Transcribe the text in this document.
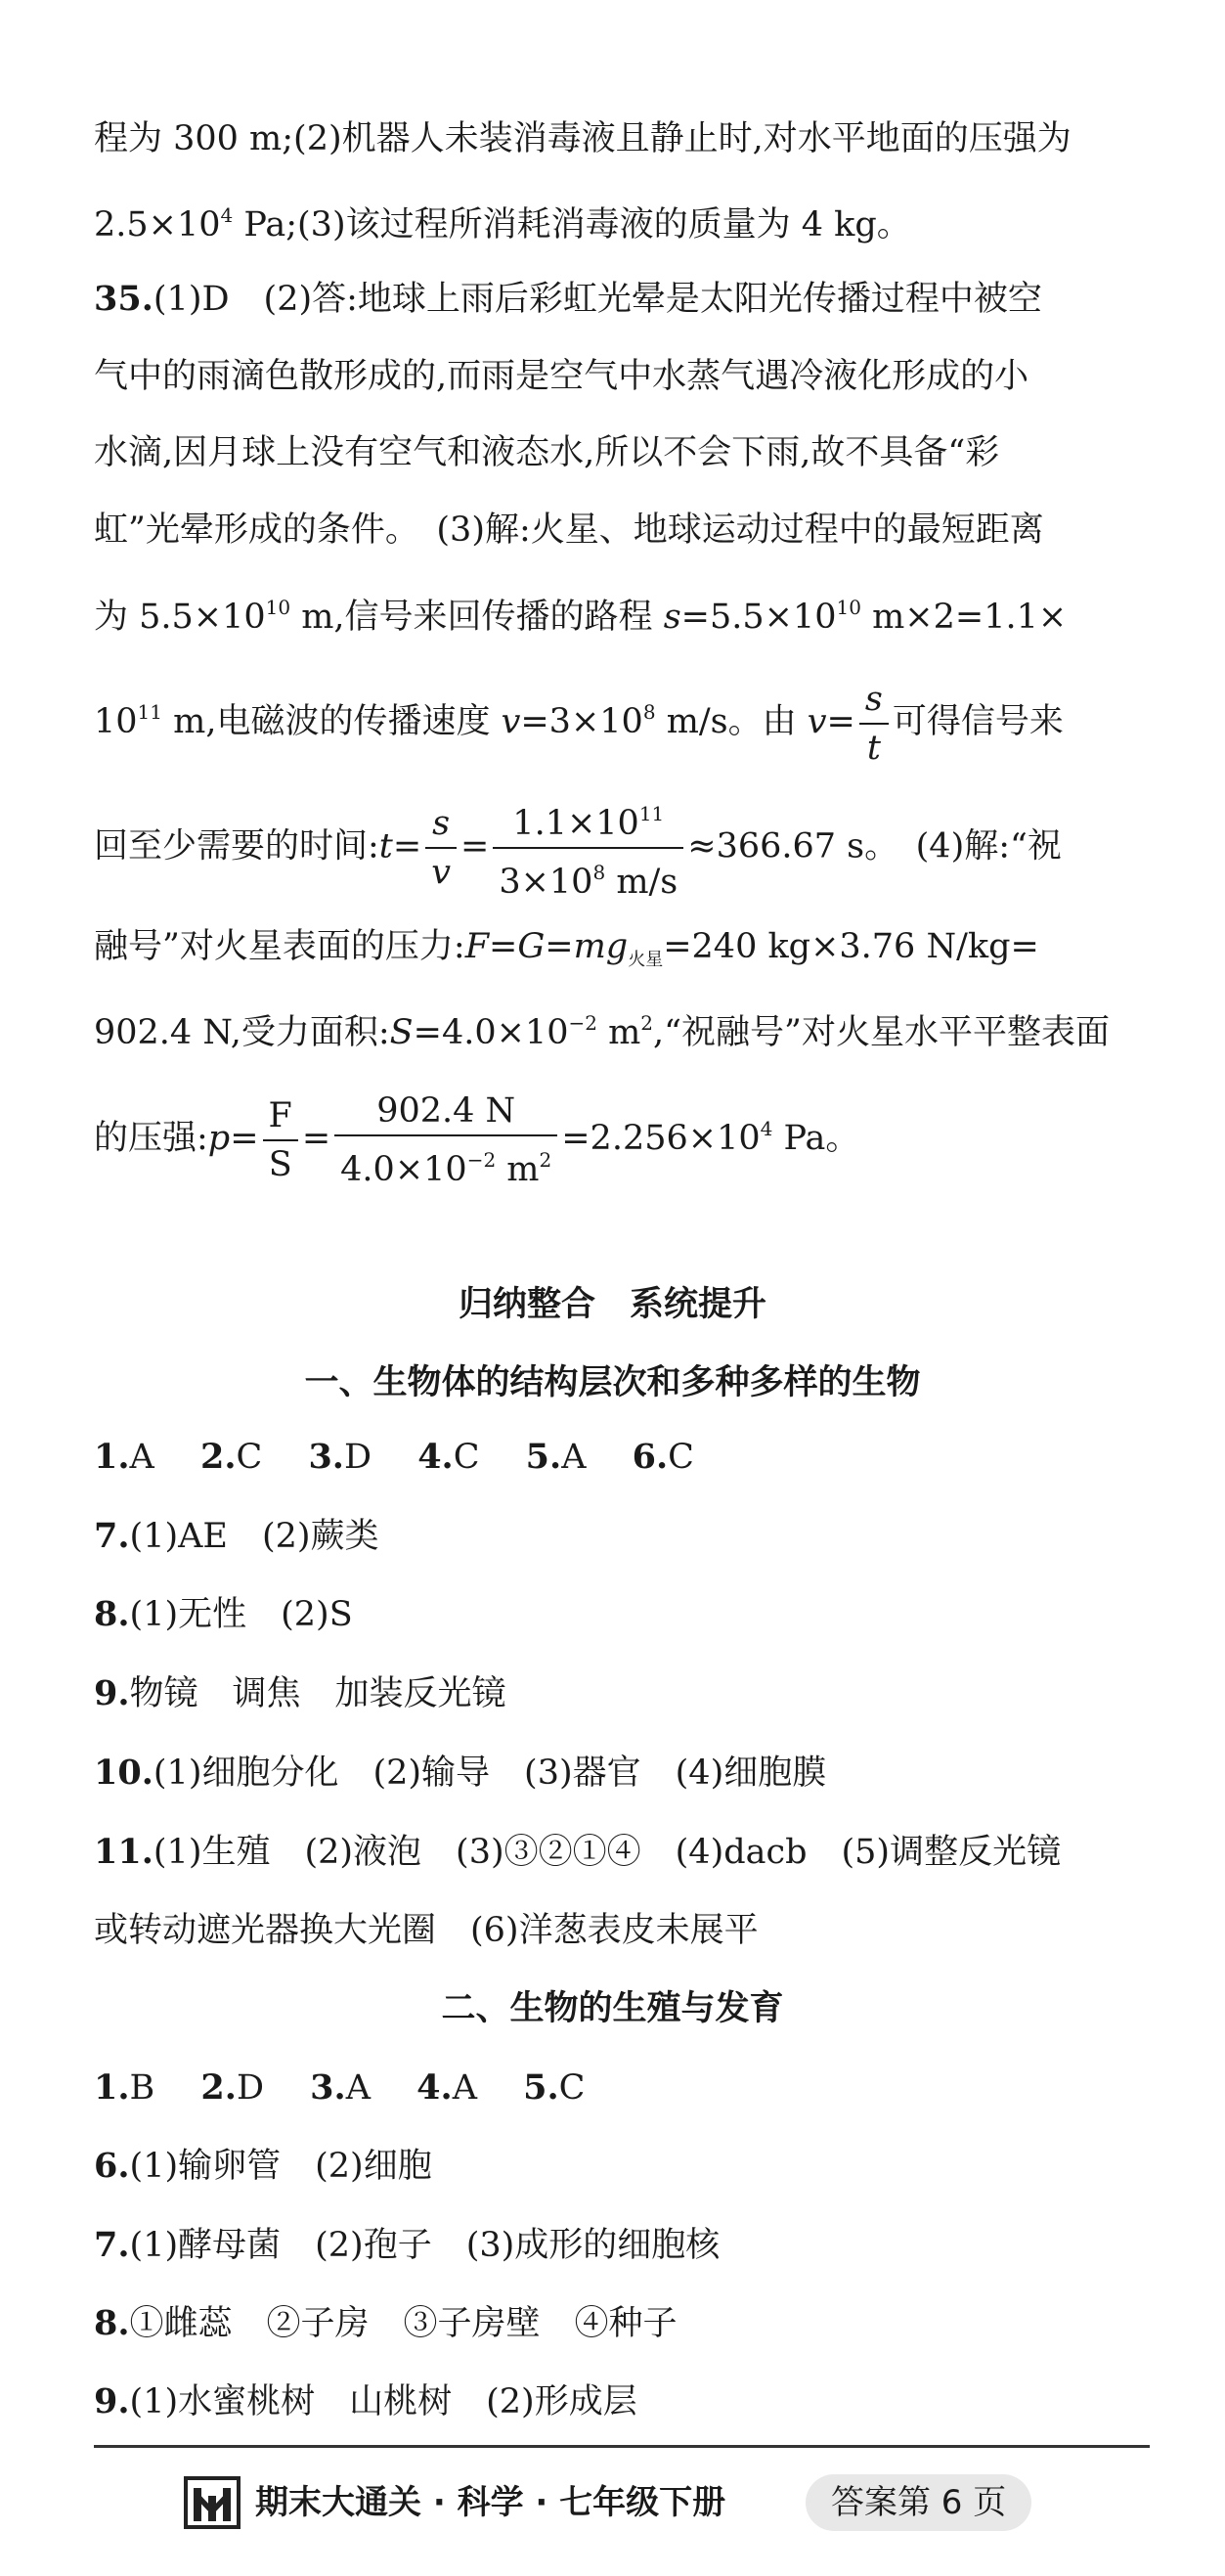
程为 300 m;(2)机器人未装消毒液且静止时,对水平地面的压强为
$2.5\times 10^4$ Pa;(3)该过程所消耗消毒液的质量为 4 kg。
35.(1)D　(2)答:地球上雨后彩虹光晕是太阳光传播过程中被空
气中的雨滴色散形成的,而雨是空气中水蒸气遇冷液化形成的小
水滴,因月球上没有空气和液态水,所以不会下雨,故不具备“彩
虹”光晕形成的条件。　(3)解:火星、地球运动过程中的最短距离
为 $5.5\times 10^{10}$ m,信号来回传播的路程 $s=5.5\times 10^{10}$ m×2=1.1×
$10^{11}$ m,电磁波的传播速度 $v=3\times 10^8$ m/s。由 $v= \frac{s}{t}$ 可得信号来
回至少需要的时间:t= $\frac{s}{v} = \frac{1.1\times 10^{11}}{3\times 10^8 m/s} \approx 366.67$ s。　(4)解:“祝
融号”对火星表面的压力$:F=G=mg_{火星}=240$ kg×3.76 N/kg=
902.4 N,受力面积$:S=4.0\times 10^{-2}$ $m^2,“$祝融号”对火星水平平整表面
的压强:p= $\frac{F}{S} = \frac{902.4 N}{4.0\times 10^{-2} m^2} =2.256\times 10^4$ Pa。
归纳整合　系统提升
一、生物体的结构层次和多种多样的生物
1.A 2.C 3.D 4.C 5.A 6.C
7.(1)AE　(2)蕨类
8.(1)无性　(2)S
9.物镜　调焦　加装反光镜
10.(1)细胞分化　(2)输导　(3)器官　(4)细胞膜
11.(1)生殖　(2)液泡　(3)③②①④　(4)dacb　(5)调整反光镜
或转动遮光器换大光圈　(6)洋葱表皮未展平
二、生物的生殖与发育
1.B 2.D 3.A 4.A 5.C
6.(1)输卵管　(2)细胞
7.(1)酵母菌　(2)孢子　(3)成形的细胞核
8.①雌蕊　②子房　③子房壁　④种子
9.(1)水蜜桃树　山桃树　(2)形成层
期末大通关 · 科学 · 七年级下册	答案第 6 页
